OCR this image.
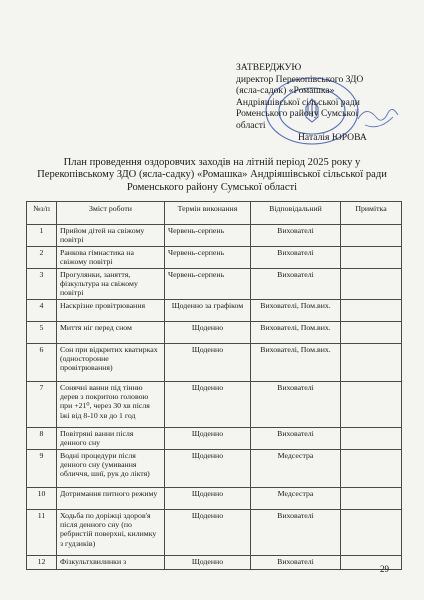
ЗАТВЕРДЖУЮ
директор Перекопівського ЗДО
(ясла-садок) «Ромашка»
Андріяшівської сільської ради
Роменського району Сумської
області
Наталія ЮРОВА
План проведення оздоровчих заходів на літній період 2025 року у
Перекопівському ЗДО (ясла-садку) «Ромашка» Андріяшівської сільської ради
Роменського району Сумської області
№з/п	Зміст роботи	Термін виконання	Відповідальний	Примітка
1	Прийом дітей на свіжому повітрі	Червень-серпень	Вихователі	
2	Ранкова гімнастика на свіжому повітрі	Червень-серпень	Вихователі	
3	Прогулянки, заняття, фізкультура на свіжому повітрі	Червень-серпень	Вихователі	
4	Наскрізне провітрювання	Щоденно за графіком	Вихователі, Пом.вих.	
5	Миття ніг перед сном	Щоденно	Вихователі, Пом.вих.	
6	Сон при відкритих кватирках (односторонне провітрювання)	Щоденно	Вихователі, Пом.вих.	
7	Сонячні ванни під тінню дерев з покритою головою при +21⁰, через 30 хв після їжі від 8-10 хв до 1 год	Щоденно	Вихователі	
8	Повітряні ванни після денного сну	Щоденно	Вихователі	
9	Водні процедури після денного сну (умивання обличчя, шиї, рук до ліктя)	Щоденно	Медсестра	
10	Дотримання питного режиму	Щоденно	Медсестра	
11	Ходьба по доріжці здоров'я після денного сну (по ребристій поверхні, килимку з гудзиків)	Щоденно	Вихователі	
12	Фізкультхвилинки з	Щоденно	Вихователі	
29
